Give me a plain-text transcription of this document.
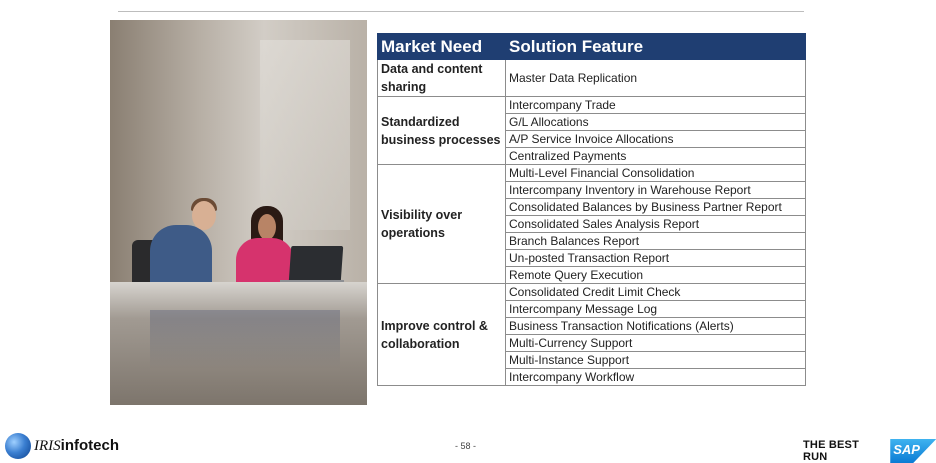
Market Need	Solution Feature
Data and content sharing	Master Data Replication
Standardized business processes	Intercompany Trade
	G/L Allocations
	A/P Service Invoice Allocations
	Centralized Payments
Visibility over operations	Multi-Level Financial Consolidation
	Intercompany Inventory in Warehouse Report
	Consolidated Balances by Business Partner Report
	Consolidated Sales Analysis Report
	Branch Balances Report
	Un-posted Transaction Report
	Remote Query Execution
Improve control & collaboration	Consolidated Credit Limit Check
	Intercompany Message Log
	Business Transaction Notifications (Alerts)
	Multi-Currency Support
	Multi-Instance Support
	Intercompany Workflow
IRISinfotech	- 58 -	THE BEST RUN	SAP
